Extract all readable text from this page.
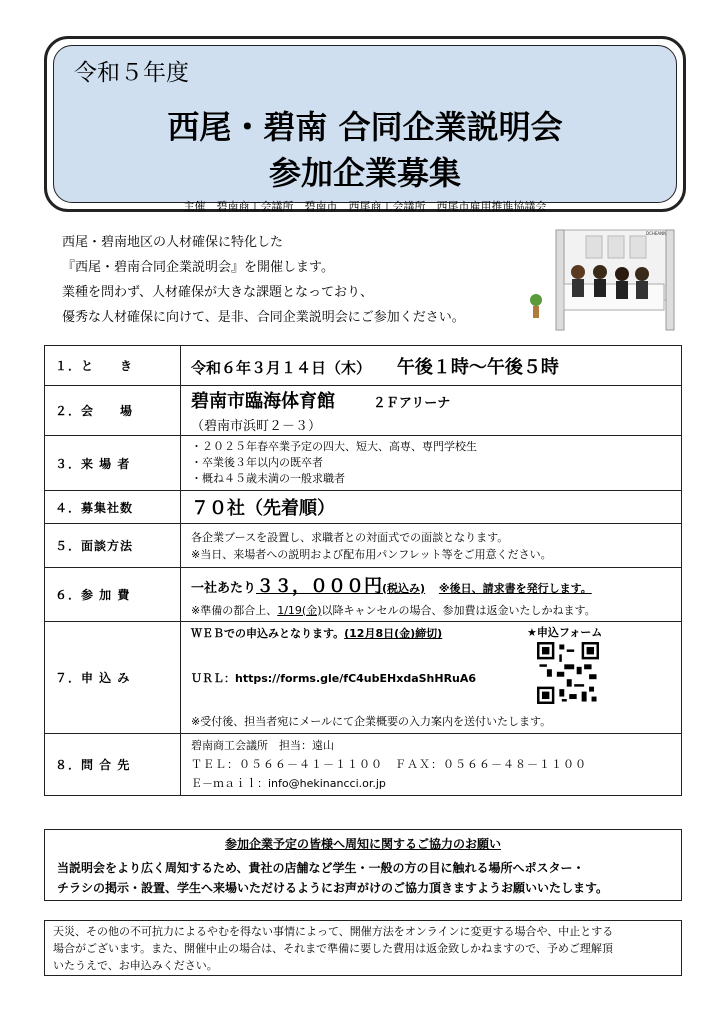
令和５年度
西尾・碧南 合同企業説明会
参加企業募集
主催　碧南商工会議所　碧南市　西尾商工会議所　西尾市雇用推進協議会
西尾・碧南地区の人材確保に特化した
『西尾・碧南合同企業説明会』を開催します。
業種を問わず、人材確保が大きな課題となっており、
優秀な人材確保に向けて、是非、合同企業説明会にご参加ください。
DCHEANN
１．と　　き	令和６年３月１４日（木） 午後１時～午後５時
２．会　　場	碧南市臨海体育館 ２Ｆアリーナ
（碧南市浜町２－３）

３．来 場 者	・２０２５年春卒業予定の四大、短大、高専、専門学校生
・卒業後３年以内の既卒者
・概ね４５歳未満の一般求職者

４．募集社数	７０社（先着順）
５．面談方法	各企業ブースを設置し、求職者との対面式での面談となります。
※当日、来場者への説明および配布用パンフレット等をご用意ください。

６．参 加 費	一社あたり３３，０００円(税込み) ※後日、請求書を発行します。
※準備の都合上、1/19(金)以降キャンセルの場合、参加費は返金いたしかねます。

７．申 込 み	ＷＥＢでの申込みとなります。(12月8日(金)締切) ★申込フォーム
ＵＲＬ：https://forms.gle/fC4ubEHxdaShHRuA6
※受付後、担当者宛にメールにて企業概要の入力案内を送付いたします。

８．問 合 先	碧南商工会議所　担当：遠山
ＴＥＬ：０５６６－４１－１１００　ＦＡＸ：０５６６－４８－１１００
Ｅ－ｍａｉｌ：info@hekinancci.or.jp
参加企業予定の皆様へ周知に関するご協力のお願い
当説明会をより広く周知するため、貴社の店舗など学生・一般の方の目に触れる場所へポスター・
チラシの掲示・設置、学生へ来場いただけるようにお声がけのご協力頂きますようお願いいたします。
天災、その他の不可抗力によるやむを得ない事情によって、開催方法をオンラインに変更する場合や、中止とする
場合がございます。また、開催中止の場合は、それまで準備に要した費用は返金致しかねますので、予めご理解頂
いたうえで、お申込みください。
